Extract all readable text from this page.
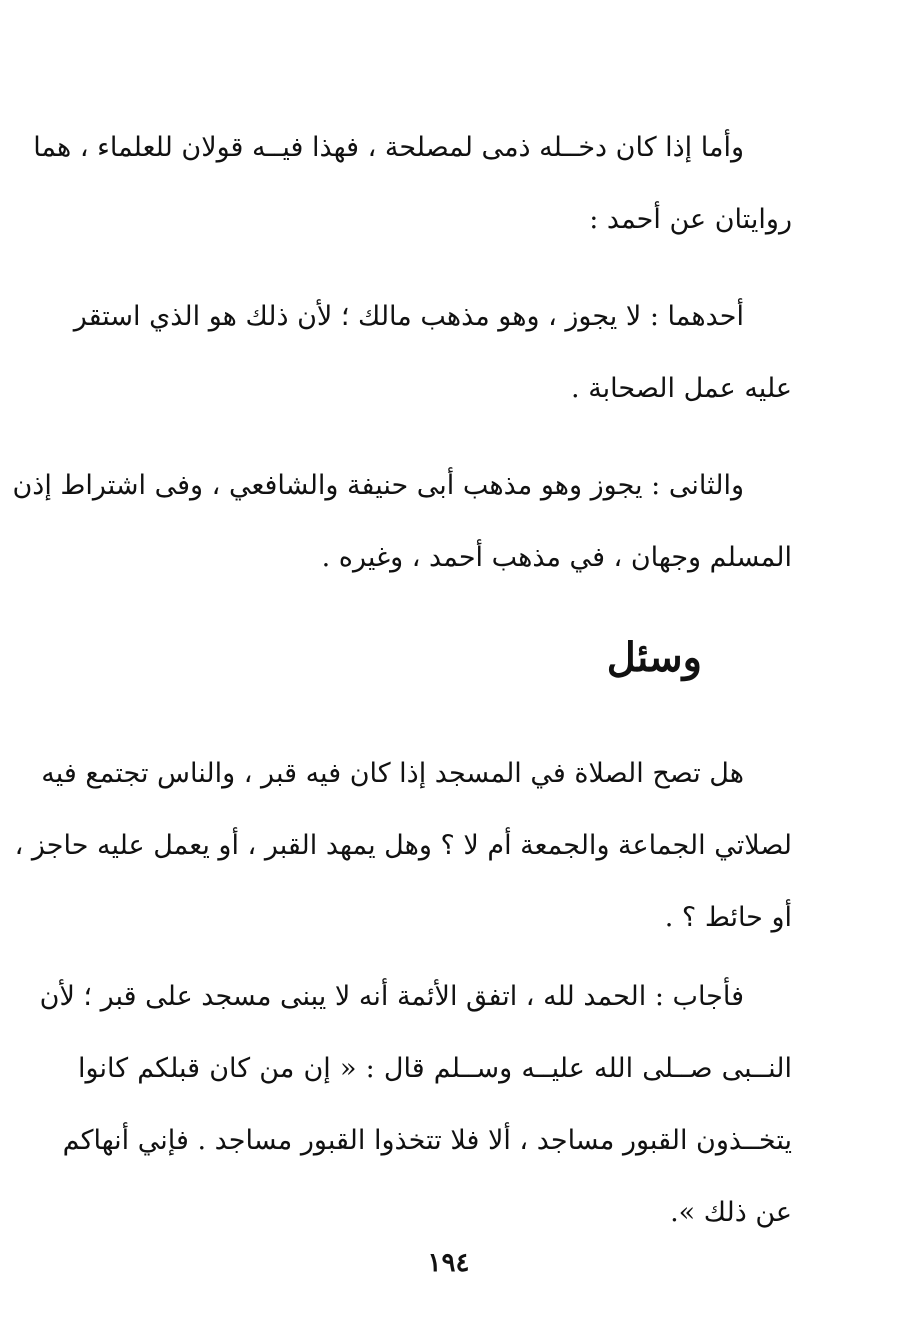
وأما إذا كان دخــله ذمى لمصلحة ، فهذا فيــه قولان للعلماء ، هما
روايتان عن أحمد :
أحدهما : لا يجوز ، وهو مذهب مالك ؛ لأن ذلك هو الذي استقر
عليه عمل الصحابة .
والثانى : يجوز وهو مذهب أبى حنيفة والشافعي ، وفى اشتراط إذن
المسلم وجهان ، في مذهب أحمد ، وغيره .
وسئل
هل تصح الصلاة في المسجد إذا كان فيه قبر ، والناس تجتمع فيه
لصلاتي الجماعة والجمعة أم لا ؟ وهل يمهد القبر ، أو يعمل عليه حاجز ،
أو حائط ؟ .
فأجاب : الحمد لله ، اتفق الأئمة أنه لا يبنى مسجد على قبر ؛ لأن
النــبى صــلى الله عليــه وســلم قال : « إن من كان قبلكم كانوا
يتخــذون القبور مساجد ، ألا فلا تتخذوا القبور مساجد . فإني أنهاكم
عن ذلك ».

١٩٤
